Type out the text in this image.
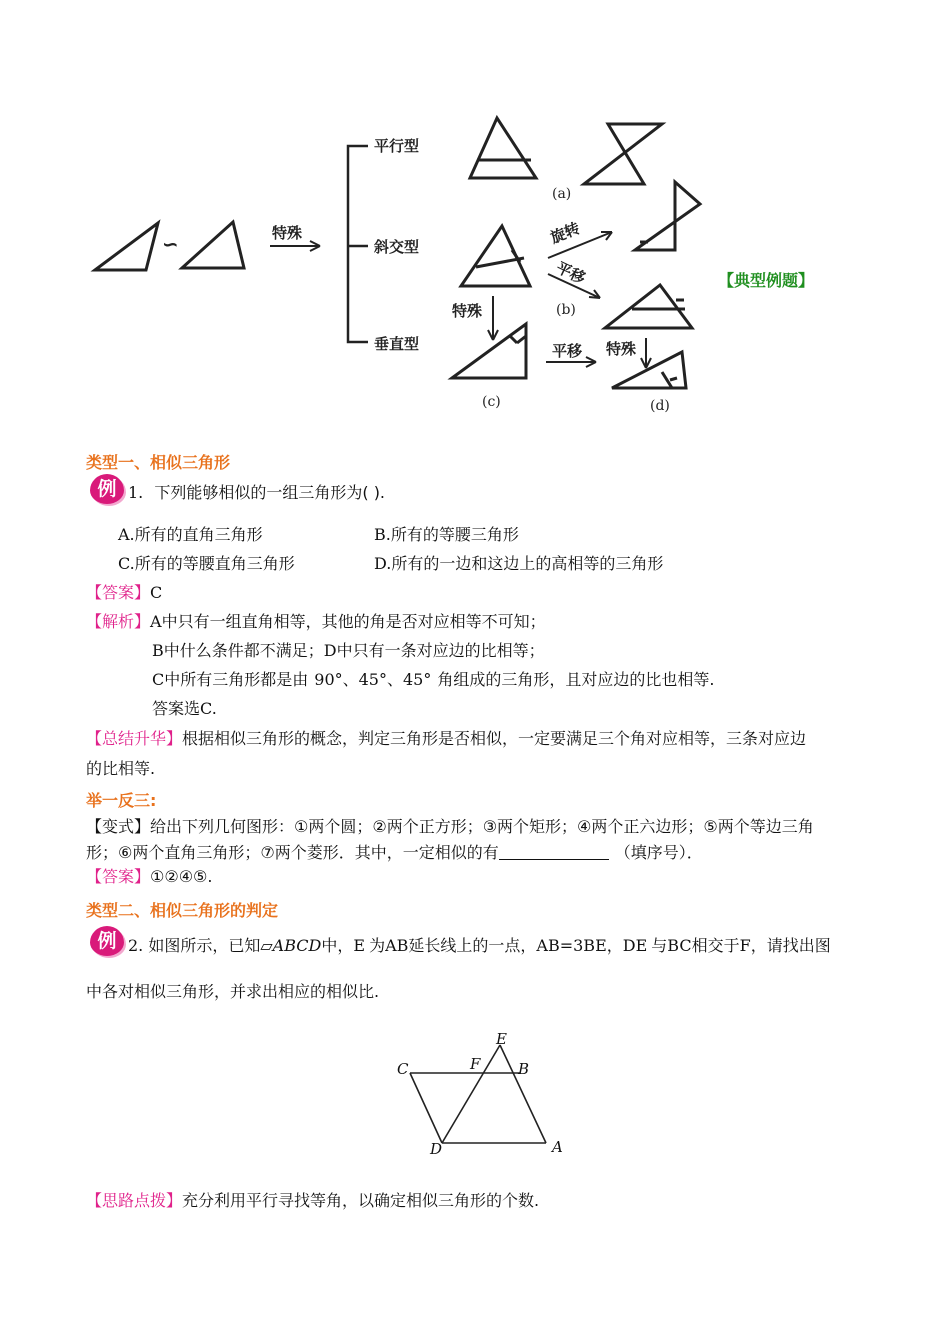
∽	特殊
平行型
斜交型
垂直型
旋转
平移
特殊
平移 特殊
(a)
(b)
(c)	(d)
【典型例题】
类型一、相似三角形
例 1. 下列能够相似的一组三角形为( ).
A.所有的直角三角形	B.所有的等腰三角形
C.所有的等腰直角三角形	D.所有的一边和这边上的高相等的三角形
【答案】C
【解析】A中只有一组直角相等，其他的角是否对应相等不可知；
B中什么条件都不满足；D中只有一条对应边的比相等；
C中所有三角形都是由 90°、45°、45° 角组成的三角形，且对应边的比也相等.
答案选C.
【总结升华】根据相似三角形的概念，判定三角形是否相似，一定要满足三个角对应相等，三条对应边
的比相等.
举一反三:
【变式】给出下列几何图形：①两个圆；②两个正方形；③两个矩形；④两个正六边形；⑤两个等边三角
形；⑥两个直角三角形；⑦两个菱形．其中，一定相似的有	（填序号）．
【答案】①②④⑤.
类型二、相似三角形的判定
例 2. 如图所示，已知▱ABCD中，E 为AB延长线上的一点，AB=3BE，DE 与BC相交于F，请找出图
中各对相似三角形，并求出相应的相似比.
E
F	B
C
D	A
【思路点拨】充分利用平行寻找等角，以确定相似三角形的个数.
